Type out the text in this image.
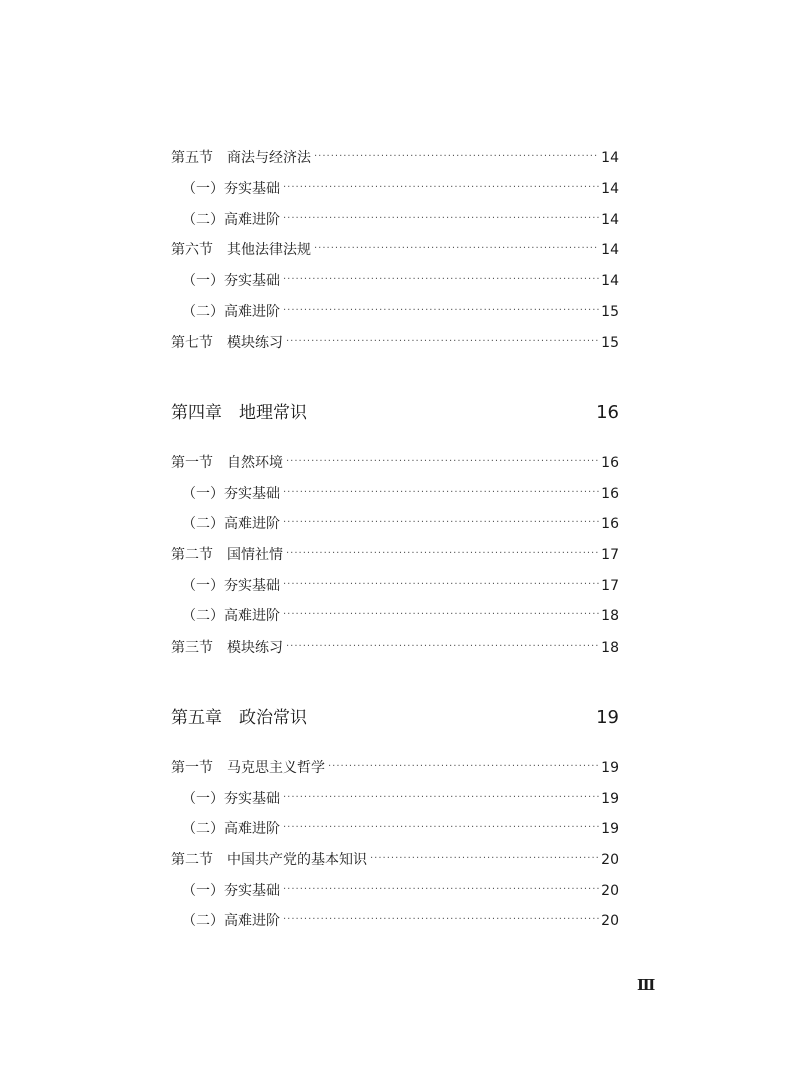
第五节　商法与经济法 ·····	14
（一）夯实基础 ·····	14
（二）高难进阶 ·····	14
第六节　其他法律法规 ·····	14
（一）夯实基础 ·····	14
（二）高难进阶 ·····	15
第七节　模块练习 ·····	15
第四章　地理常识	16
第一节　自然环境 ·····	16
（一）夯实基础 ·····	16
（二）高难进阶 ·····	16
第二节　国情社情 ·····	17
（一）夯实基础 ·····	17
（二）高难进阶 ·····	18
第三节　模块练习 ·····	18
第五章　政治常识	19
第一节　马克思主义哲学 ·····	19
（一）夯实基础 ·····	19
（二）高难进阶 ·····	19
第二节　中国共产党的基本知识 ·····	20
（一）夯实基础 ·····	20
（二）高难进阶 ·····	20
Ⅲ
